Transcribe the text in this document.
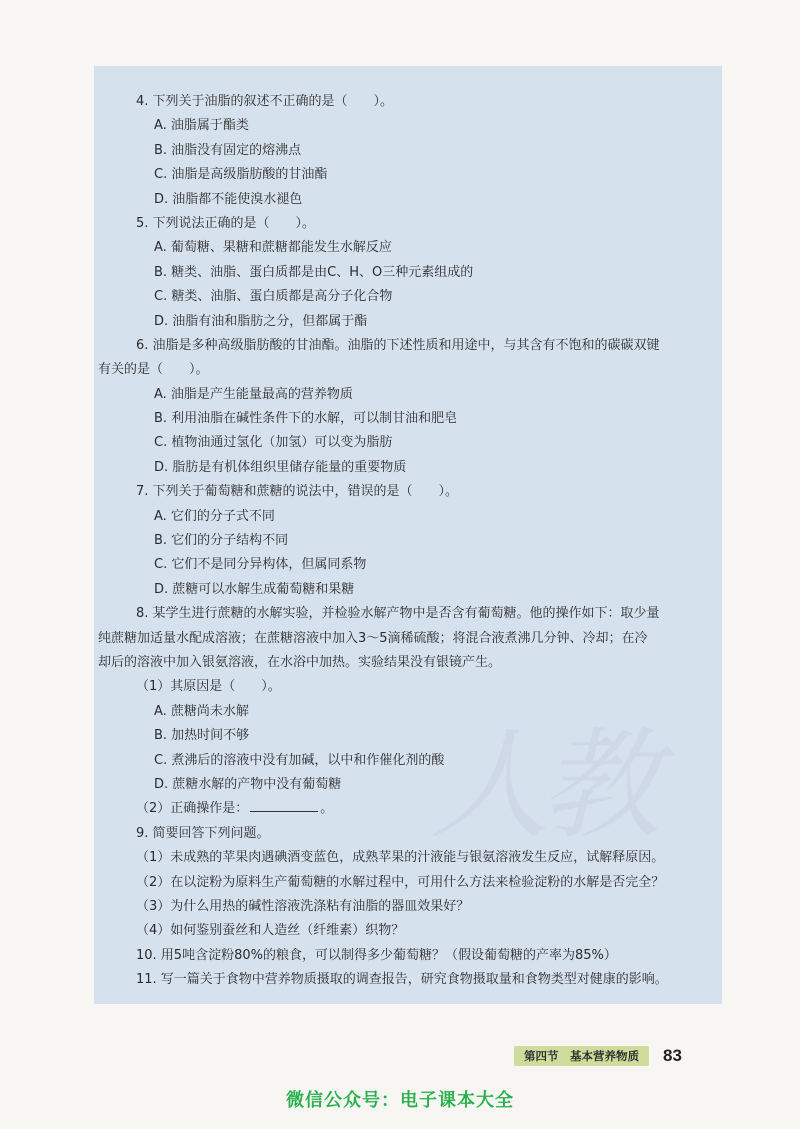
4. 下列关于油脂的叙述不正确的是（　　）。
A. 油脂属于酯类
B. 油脂没有固定的熔沸点
C. 油脂是高级脂肪酸的甘油酯
D. 油脂都不能使溴水褪色
5. 下列说法正确的是（　　）。
A. 葡萄糖、果糖和蔗糖都能发生水解反应
B. 糖类、油脂、蛋白质都是由C、H、O三种元素组成的
C. 糖类、油脂、蛋白质都是高分子化合物
D. 油脂有油和脂肪之分，但都属于酯
6. 油脂是多种高级脂肪酸的甘油酯。油脂的下述性质和用途中，与其含有不饱和的碳碳双键
有关的是（　　）。
A. 油脂是产生能量最高的营养物质
B. 利用油脂在碱性条件下的水解，可以制甘油和肥皂
C. 植物油通过氢化（加氢）可以变为脂肪
D. 脂肪是有机体组织里储存能量的重要物质
7. 下列关于葡萄糖和蔗糖的说法中，错误的是（　　）。
A. 它们的分子式不同
B. 它们的分子结构不同
C. 它们不是同分异构体，但属同系物
D. 蔗糖可以水解生成葡萄糖和果糖
8. 某学生进行蔗糖的水解实验，并检验水解产物中是否含有葡萄糖。他的操作如下：取少量
纯蔗糖加适量水配成溶液；在蔗糖溶液中加入3～5滴稀硫酸；将混合液煮沸几分钟、冷却；在冷
却后的溶液中加入银氨溶液，在水浴中加热。实验结果没有银镜产生。
（1）其原因是（　　）。
A. 蔗糖尚未水解
B. 加热时间不够
C. 煮沸后的溶液中没有加碱，以中和作催化剂的酸
D. 蔗糖水解的产物中没有葡萄糖
（2）正确操作是：	。
9. 简要回答下列问题。
（1）未成熟的苹果肉遇碘酒变蓝色，成熟苹果的汁液能与银氨溶液发生反应，试解释原因。
（2）在以淀粉为原料生产葡萄糖的水解过程中，可用什么方法来检验淀粉的水解是否完全？
（3）为什么用热的碱性溶液洗涤粘有油脂的器皿效果好？
（4）如何鉴别蚕丝和人造丝（纤维素）织物？
10. 用5吨含淀粉80%的粮食，可以制得多少葡萄糖？（假设葡萄糖的产率为85%）
11. 写一篇关于食物中营养物质摄取的调查报告，研究食物摄取量和食物类型对健康的影响。
第四节　基本营养物质	83
微信公众号：电子课本大全
